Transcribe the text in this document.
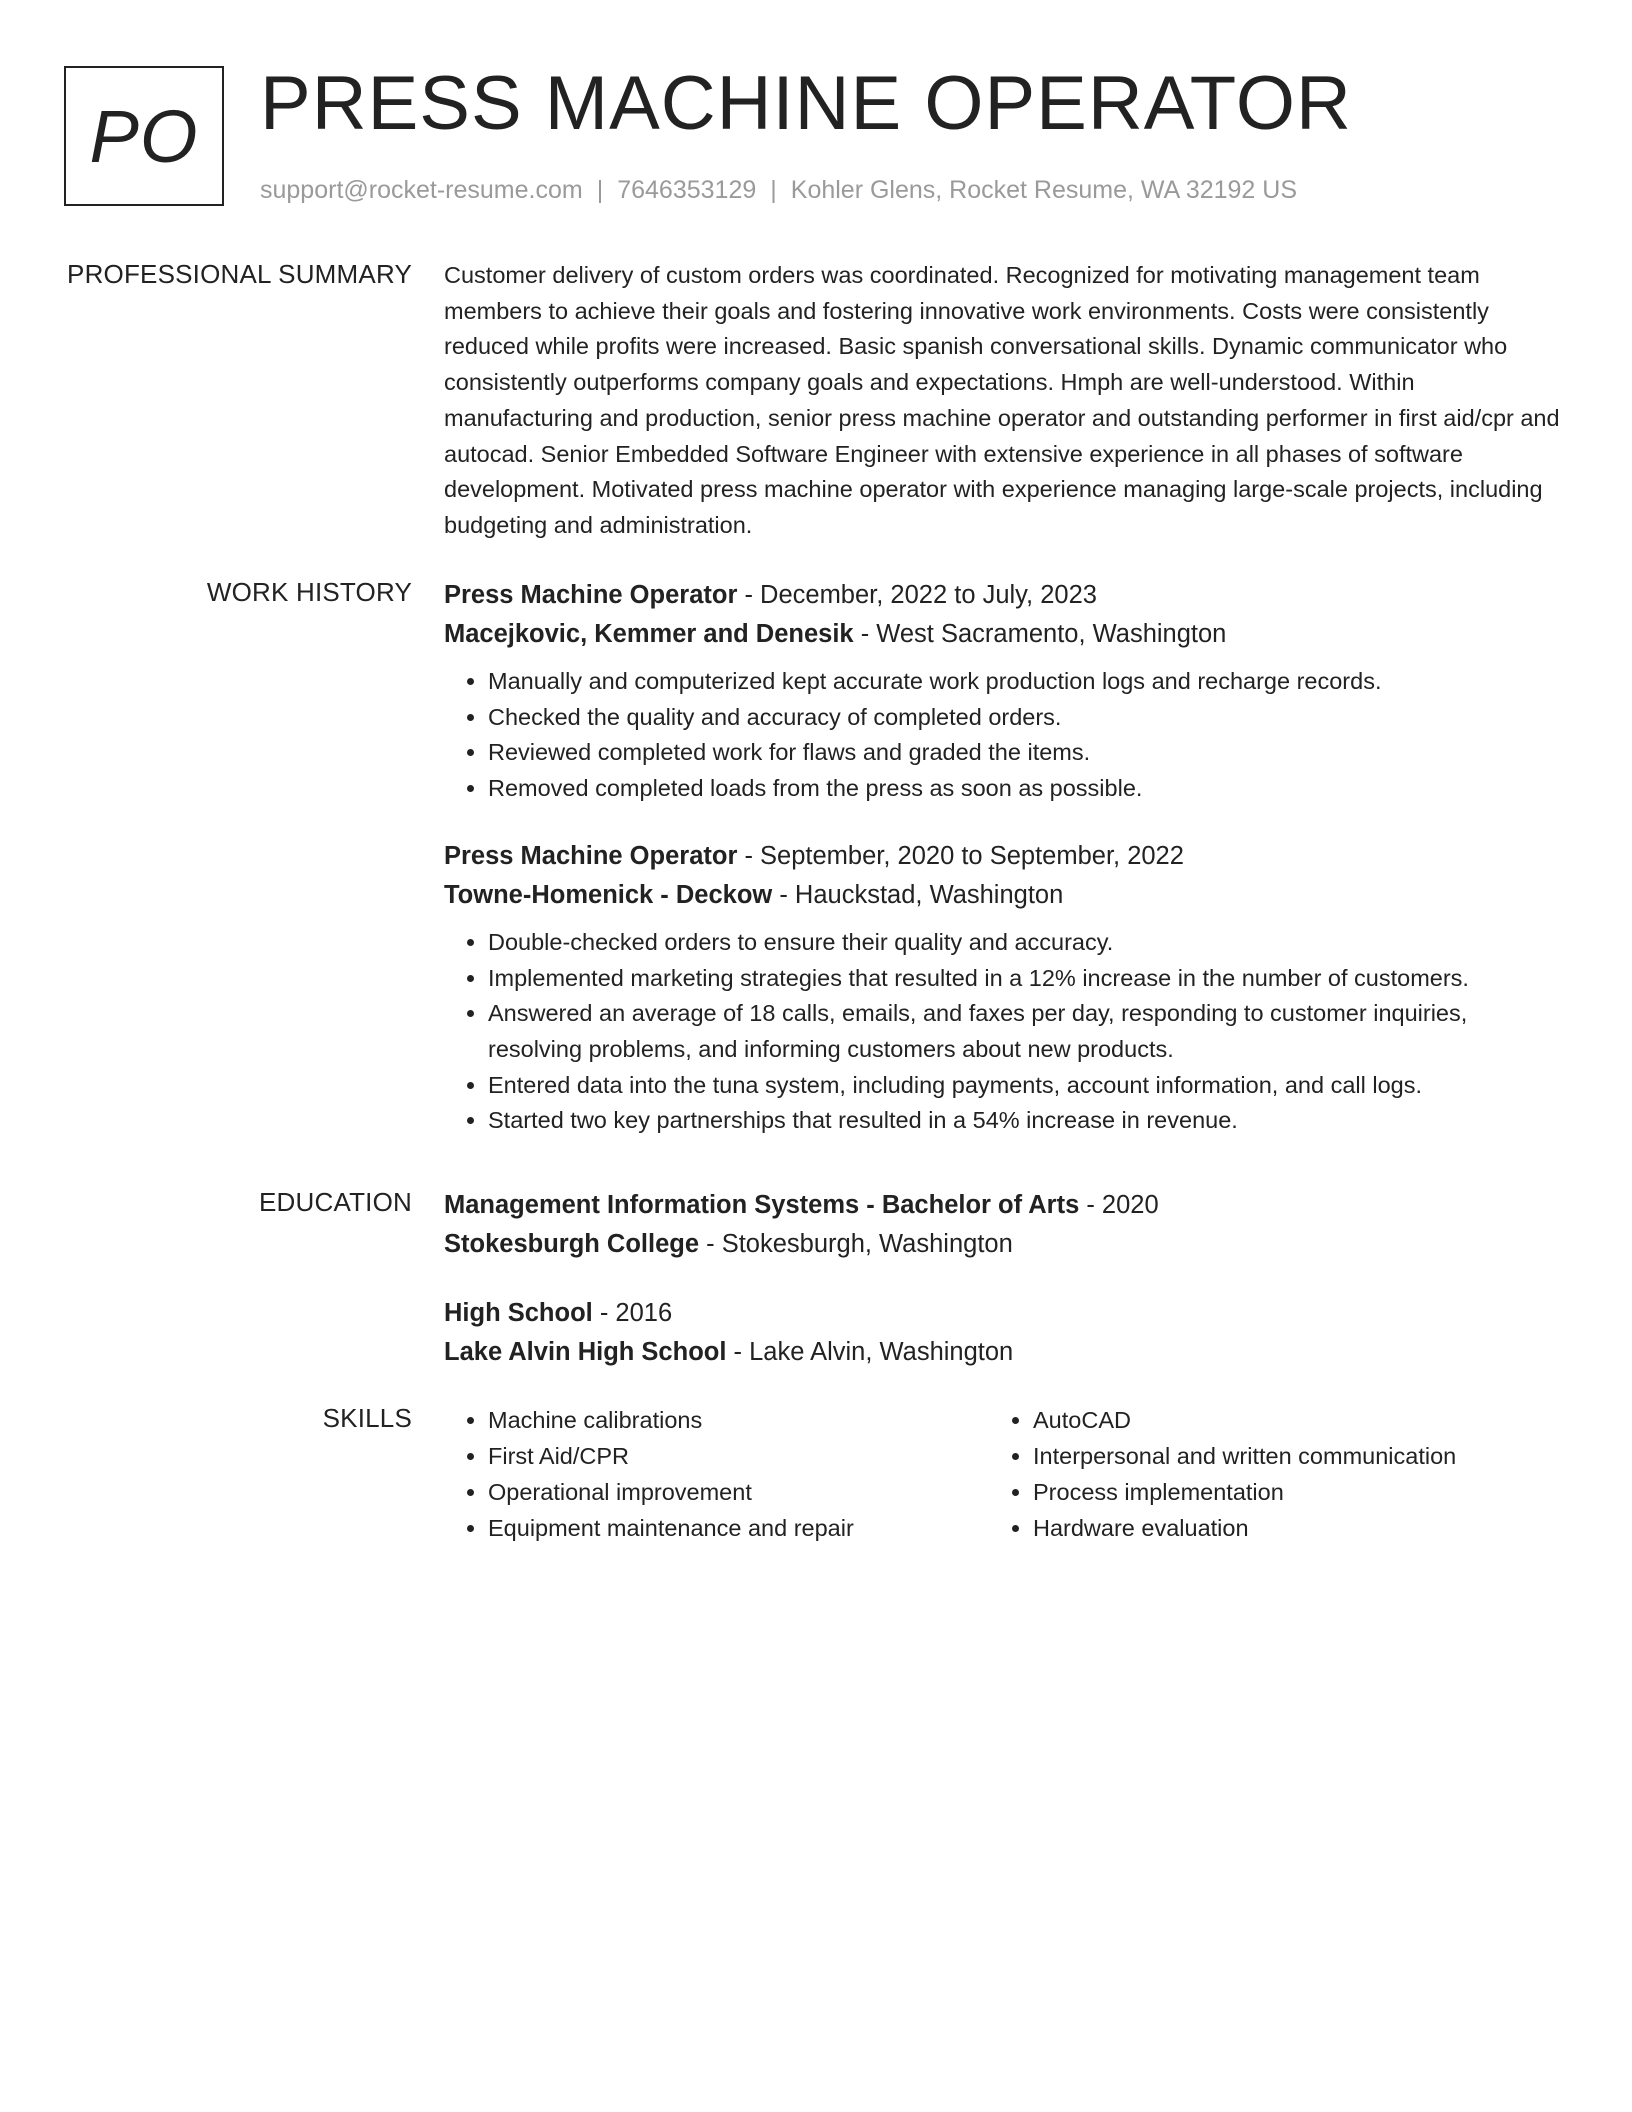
PO PRESS MACHINE OPERATOR
support@rocket-resume.com | 7646353129 | Kohler Glens, Rocket Resume, WA 32192 US
PROFESSIONAL SUMMARY Customer delivery of custom orders was coordinated. Recognized for motivating management team members to achieve their goals and fostering innovative work environments. Costs were consistently reduced while profits were increased. Basic spanish conversational skills. Dynamic communicator who consistently outperforms company goals and expectations. Hmph are well-understood. Within manufacturing and production, senior press machine operator and outstanding performer in first aid/cpr and autocad. Senior Embedded Software Engineer with extensive experience in all phases of software development. Motivated press machine operator with experience managing large-scale projects, including budgeting and administration.

WORK HISTORY Press Machine Operator - December, 2022 to July, 2023
Macejkovic, Kemmer and Denesik - West Sacramento, Washington
• Manually and computerized kept accurate work production logs and recharge records.
• Checked the quality and accuracy of completed orders.
• Reviewed completed work for flaws and graded the items.
• Removed completed loads from the press as soon as possible.
Press Machine Operator - September, 2020 to September, 2022
Towne-Homenick - Deckow - Hauckstad, Washington
• Double-checked orders to ensure their quality and accuracy.
• Implemented marketing strategies that resulted in a 12% increase in the number of customers.
• Answered an average of 18 calls, emails, and faxes per day, responding to customer inquiries, resolving problems, and informing customers about new products.
• Entered data into the tuna system, including payments, account information, and call logs.
• Started two key partnerships that resulted in a 54% increase in revenue.
EDUCATION Management Information Systems - Bachelor of Arts - 2020
Stokesburgh College - Stokesburgh, Washington
High School - 2016
Lake Alvin High School - Lake Alvin, Washington
SKILLS
•	Machine calibrations
• First Aid/CPR
• Operational improvement
• Equipment maintenance and repair
• AutoCAD
• Interpersonal and written communication
• Process implementation
• Hardware evaluation
